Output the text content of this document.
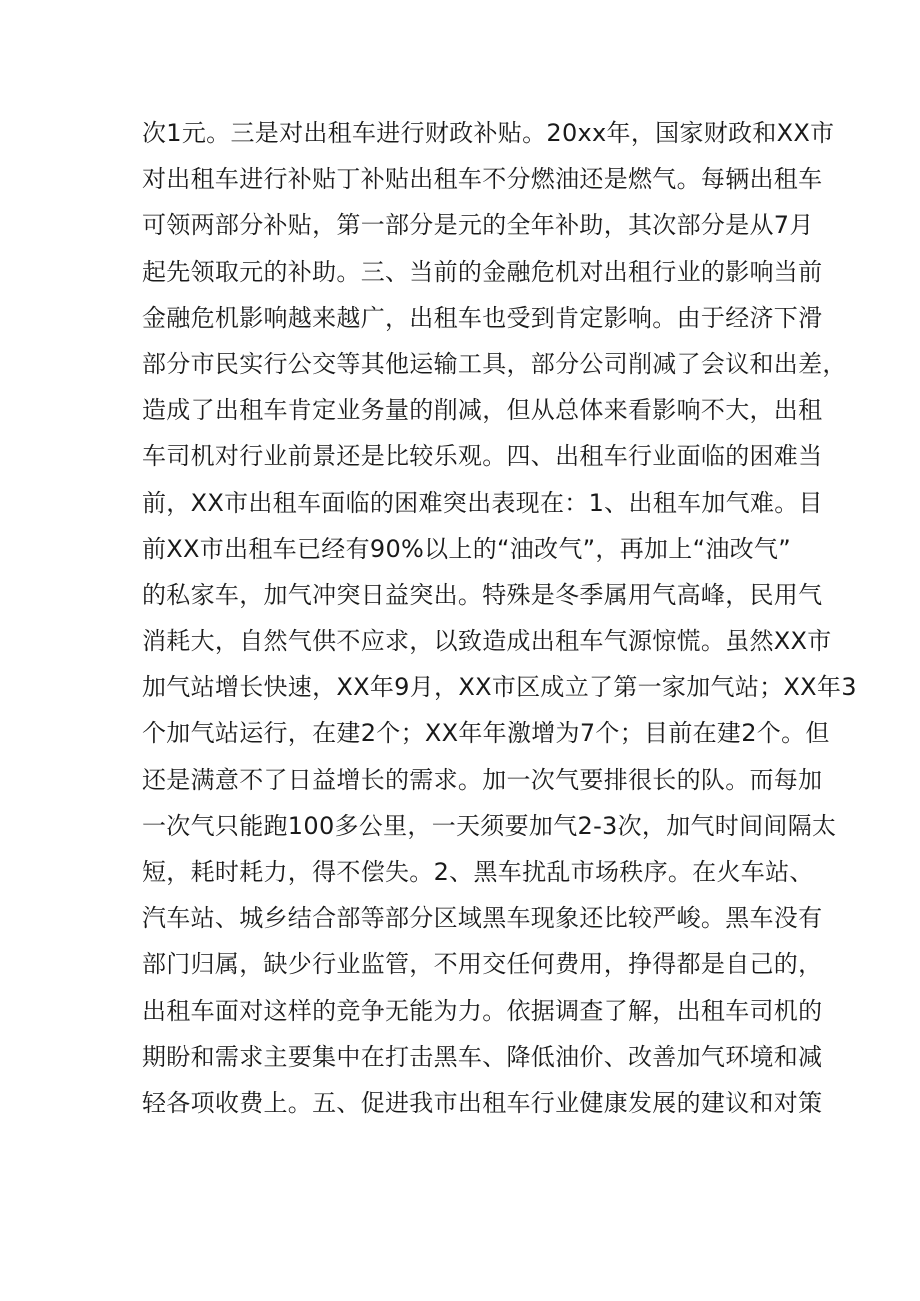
次1元。三是对出租车进行财政补贴。20xx年，国家财政和XX市
对出租车进行补贴丁补贴出租车不分燃油还是燃气。每辆出租车
可领两部分补贴，第一部分是元的全年补助，其次部分是从7月
起先领取元的补助。三、当前的金融危机对出租行业的影响当前
金融危机影响越来越广，出租车也受到肯定影响。由于经济下滑
部分市民实行公交等其他运输工具，部分公司削减了会议和出差，
造成了出租车肯定业务量的削减，但从总体来看影响不大，出租
车司机对行业前景还是比较乐观。四、出租车行业面临的困难当
前，XX市出租车面临的困难突出表现在：1、出租车加气难。目
前XX市出租车已经有90%以上的“油改气”，再加上“油改气”
的私家车，加气冲突日益突出。特殊是冬季属用气高峰，民用气
消耗大，自然气供不应求，以致造成出租车气源惊慌。虽然XX市
加气站增长快速，XX年9月，XX市区成立了第一家加气站；XX年3
个加气站运行，在建2个；XX年年激增为7个；目前在建2个。但
还是满意不了日益增长的需求。加一次气要排很长的队。而每加
一次气只能跑100多公里，一天须要加气2-3次，加气时间间隔太
短，耗时耗力，得不偿失。2、黑车扰乱市场秩序。在火车站、
汽车站、城乡结合部等部分区域黑车现象还比较严峻。黑车没有
部门归属，缺少行业监管，不用交任何费用，挣得都是自己的，
出租车面对这样的竞争无能为力。依据调查了解，出租车司机的
期盼和需求主要集中在打击黑车、降低油价、改善加气环境和减
轻各项收费上。五、促进我市出租车行业健康发展的建议和对策
